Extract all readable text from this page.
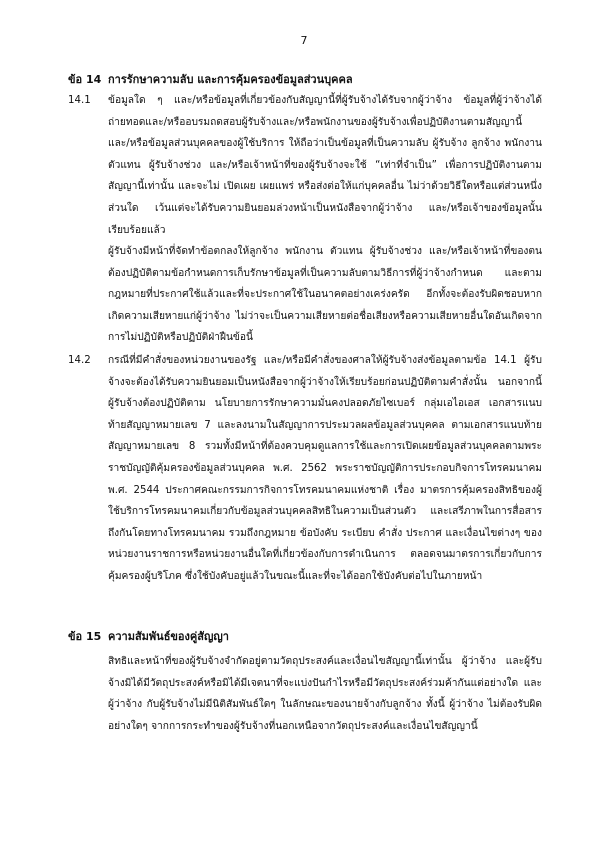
7
ข้อ 14 การรักษาความลับ และการคุ้มครองข้อมูลส่วนบุคคล
14.1 ข้อมูลใด ๆ และ/หรือข้อมูลที่เกี่ยวข้องกับสัญญานี้ที่ผู้รับจ้างได้รับจากผู้ว่าจ้าง ข้อมูลที่ผู้ว่าจ้างได้ถ่ายทอดและ/หรืออบรมถดสอบผู้รับจ้างและ/หรือพนักงานของผู้รับจ้างเพื่อปฏิบัติงานตามสัญญานี้ และ/หรือข้อมูลส่วนบุคคลของผู้ใช้บริการ ให้ถือว่าเป็นข้อมูลที่เป็นความลับ ผู้รับจ้าง ลูกจ้าง พนักงาน ตัวแทน ผู้รับจ้างช่วง และ/หรือเจ้าหน้าที่ของผู้รับจ้างจะใช้ “เท่าที่จำเป็น” เพื่อการปฏิบัติงานตามสัญญานี้เท่านั้น และจะไม่ เปิดเผย เผยแพร่ หรือส่งต่อให้แก่บุคคลอื่น ไม่ว่าด้วยวิธีใดหรือแต่ส่วนหนึ่งส่วนใด เว้นแต่จะได้รับความยินยอมล่วงหน้าเป็นหนังสือจากผู้ว่าจ้าง และ/หรือเจ้าของข้อมูลนั้นเรียบร้อยแล้ว

ผู้รับจ้างมีหน้าที่จัดทำข้อตกลงให้ลูกจ้าง พนักงาน ตัวแทน ผู้รับจ้างช่วง และ/หรือเจ้าหน้าที่ของตนต้องปฏิบัติตามข้อกำหนดการเก็บรักษาข้อมูลที่เป็นความลับตามวิธีการที่ผู้ว่าจ้างกำหนด และตามกฎหมายที่ประกาศใช้แล้วและที่จะประกาศใช้ในอนาคตอย่างเคร่งครัด อีกทั้งจะต้องรับผิดชอบหากเกิดความเสียหายแก่ผู้ว่าจ้าง ไม่ว่าจะเป็นความเสียหายต่อชื่อเสียงหรือความเสียหายอื่นใดอันเกิดจากการไม่ปฏิบัติหรือปฏิบัติฝ่าฝืนข้อนี้

14.2 กรณีที่มีคำสั่งของหน่วยงานของรัฐ และ/หรือมีคำสั่งของศาลให้ผู้รับจ้างส่งข้อมูลตามข้อ 14.1 ผู้รับจ้างจะต้องได้รับความยินยอมเป็นหนังสือจากผู้ว่าจ้างให้เรียบร้อยก่อนปฏิบัติตามคำสั่งนั้น นอกจากนี้ ผู้รับจ้างต้องปฏิบัติตาม นโยบายการรักษาความมั่นคงปลอดภัยไซเบอร์ กลุ่มเอไอเอส เอกสารแนบท้ายสัญญาหมายเลข 7 และลงนามในสัญญาการประมวลผลข้อมูลส่วนบุคคล ตามเอกสารแนบท้ายสัญญาหมายเลข 8 รวมทั้งมีหน้าที่ต้องควบคุมดูแลการใช้และการเปิดเผยข้อมูลส่วนบุคคลตามพระราชบัญญัติคุ้มครองข้อมูลส่วนบุคคล พ.ศ. 2562 พระราชบัญญัติการประกอบกิจการโทรคมนาคม พ.ศ. 2544 ประกาศคณะกรรมการกิจการโทรคมนาคมแห่งชาติ เรื่อง มาตรการคุ้มครองสิทธิของผู้ใช้บริการโทรคมนาคมเกี่ยวกับข้อมูลส่วนบุคคลสิทธิในความเป็นส่วนตัว และเสรีภาพในการสื่อสารถึงกันโดยทางโทรคมนาคม รวมถึงกฎหมาย ข้อบังคับ ระเบียบ คำสั่ง ประกาศ และเงื่อนไขต่างๆ ของหน่วยงานราชการหรือหน่วยงานอื่นใดที่เกี่ยวข้องกับการดำเนินการ ตลอดจนมาตรการเกี่ยวกับการคุ้มครองผู้บริโภค ซึ่งใช้บังคับอยู่แล้วในขณะนี้และที่จะได้ออกใช้บังคับต่อไปในภายหน้า

ข้อ 15 ความสัมพันธ์ของคู่สัญญา

สิทธิและหน้าที่ของผู้รับจ้างจำกัดอยู่ตามวัตถุประสงค์และเงื่อนไขสัญญานี้เท่านั้น ผู้ว่าจ้าง และผู้รับจ้างมิได้มีวัตถุประสงค์หรือมิได้มีเจตนาที่จะแบ่งปันกำไรหรือมีวัตถุประสงค์ร่วมค้ากันแต่อย่างใด และ ผู้ว่าจ้าง กับผู้รับจ้างไม่มีนิติสัมพันธ์ใดๆ ในลักษณะของนายจ้างกับลูกจ้าง ทั้งนี้ ผู้ว่าจ้าง ไม่ต้องรับผิดอย่างใดๆ จากการกระทำของผู้รับจ้างที่นอกเหนือจากวัตถุประสงค์และเงื่อนไขสัญญานี้
